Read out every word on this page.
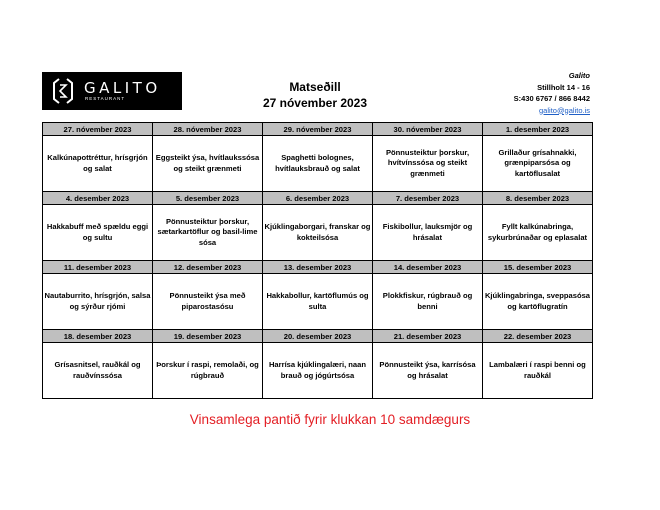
GALITO
RESTAURANT
Matseðill
27 nóvember 2023
Galito
Stillholt 14 - 16
S:430 6767 / 866 8442
galito@galito.is
27. nóvember 2023	28. nóvember 2023	29. nóvember 2023	30. nóvember 2023	1. desember 2023
Kalkúnapottréttur, hrísgrjón og salat	Eggsteikt ýsa, hvítlaukssósa og steikt grænmeti	Spaghetti bolognes, hvítlauksbrauð og salat	Pönnusteiktur þorskur, hvítvínssósa og steikt grænmeti	Grillaður grísahnakki, grænpiparsósa og kartöflusalat
4. desember 2023	5. desember 2023	6. desember 2023	7. desember 2023	8. desember 2023
Hakkabuff með spældu eggi og sultu	Pönnusteiktur þorskur, sætarkartöflur og basil-lime sósa	Kjúklingaborgari, franskar og kokteilsósa	Fiskibollur, lauksmjör og hrásalat	Fyllt kalkúnabringa, sykurbrúnaðar og eplasalat
11. desember 2023	12. desember 2023	13. desember 2023	14. desember 2023	15. desember 2023
Nautaburrito, hrísgrjón, salsa og sýrður rjómi	Pönnusteikt ýsa með piparostasósu	Hakkabollur, kartöflumús og sulta	Plokkfiskur, rúgbrauð og benni	Kjúklingabringa, sveppasósa og kartöflugratín
18. desember 2023	19. desember 2023	20. desember 2023	21. desember 2023	22. desember 2023
Grísasnitsel, rauðkál og rauðvínssósa	Þorskur í raspi, remolaði, og rúgbrauð	Harrísa kjúklingalæri, naan brauð og jógúrtsósa	Pönnusteikt ýsa, karrísósa og hrásalat	Lambalæri í raspi benni og rauðkál
Vinsamlega pantið fyrir klukkan 10 samdægurs
